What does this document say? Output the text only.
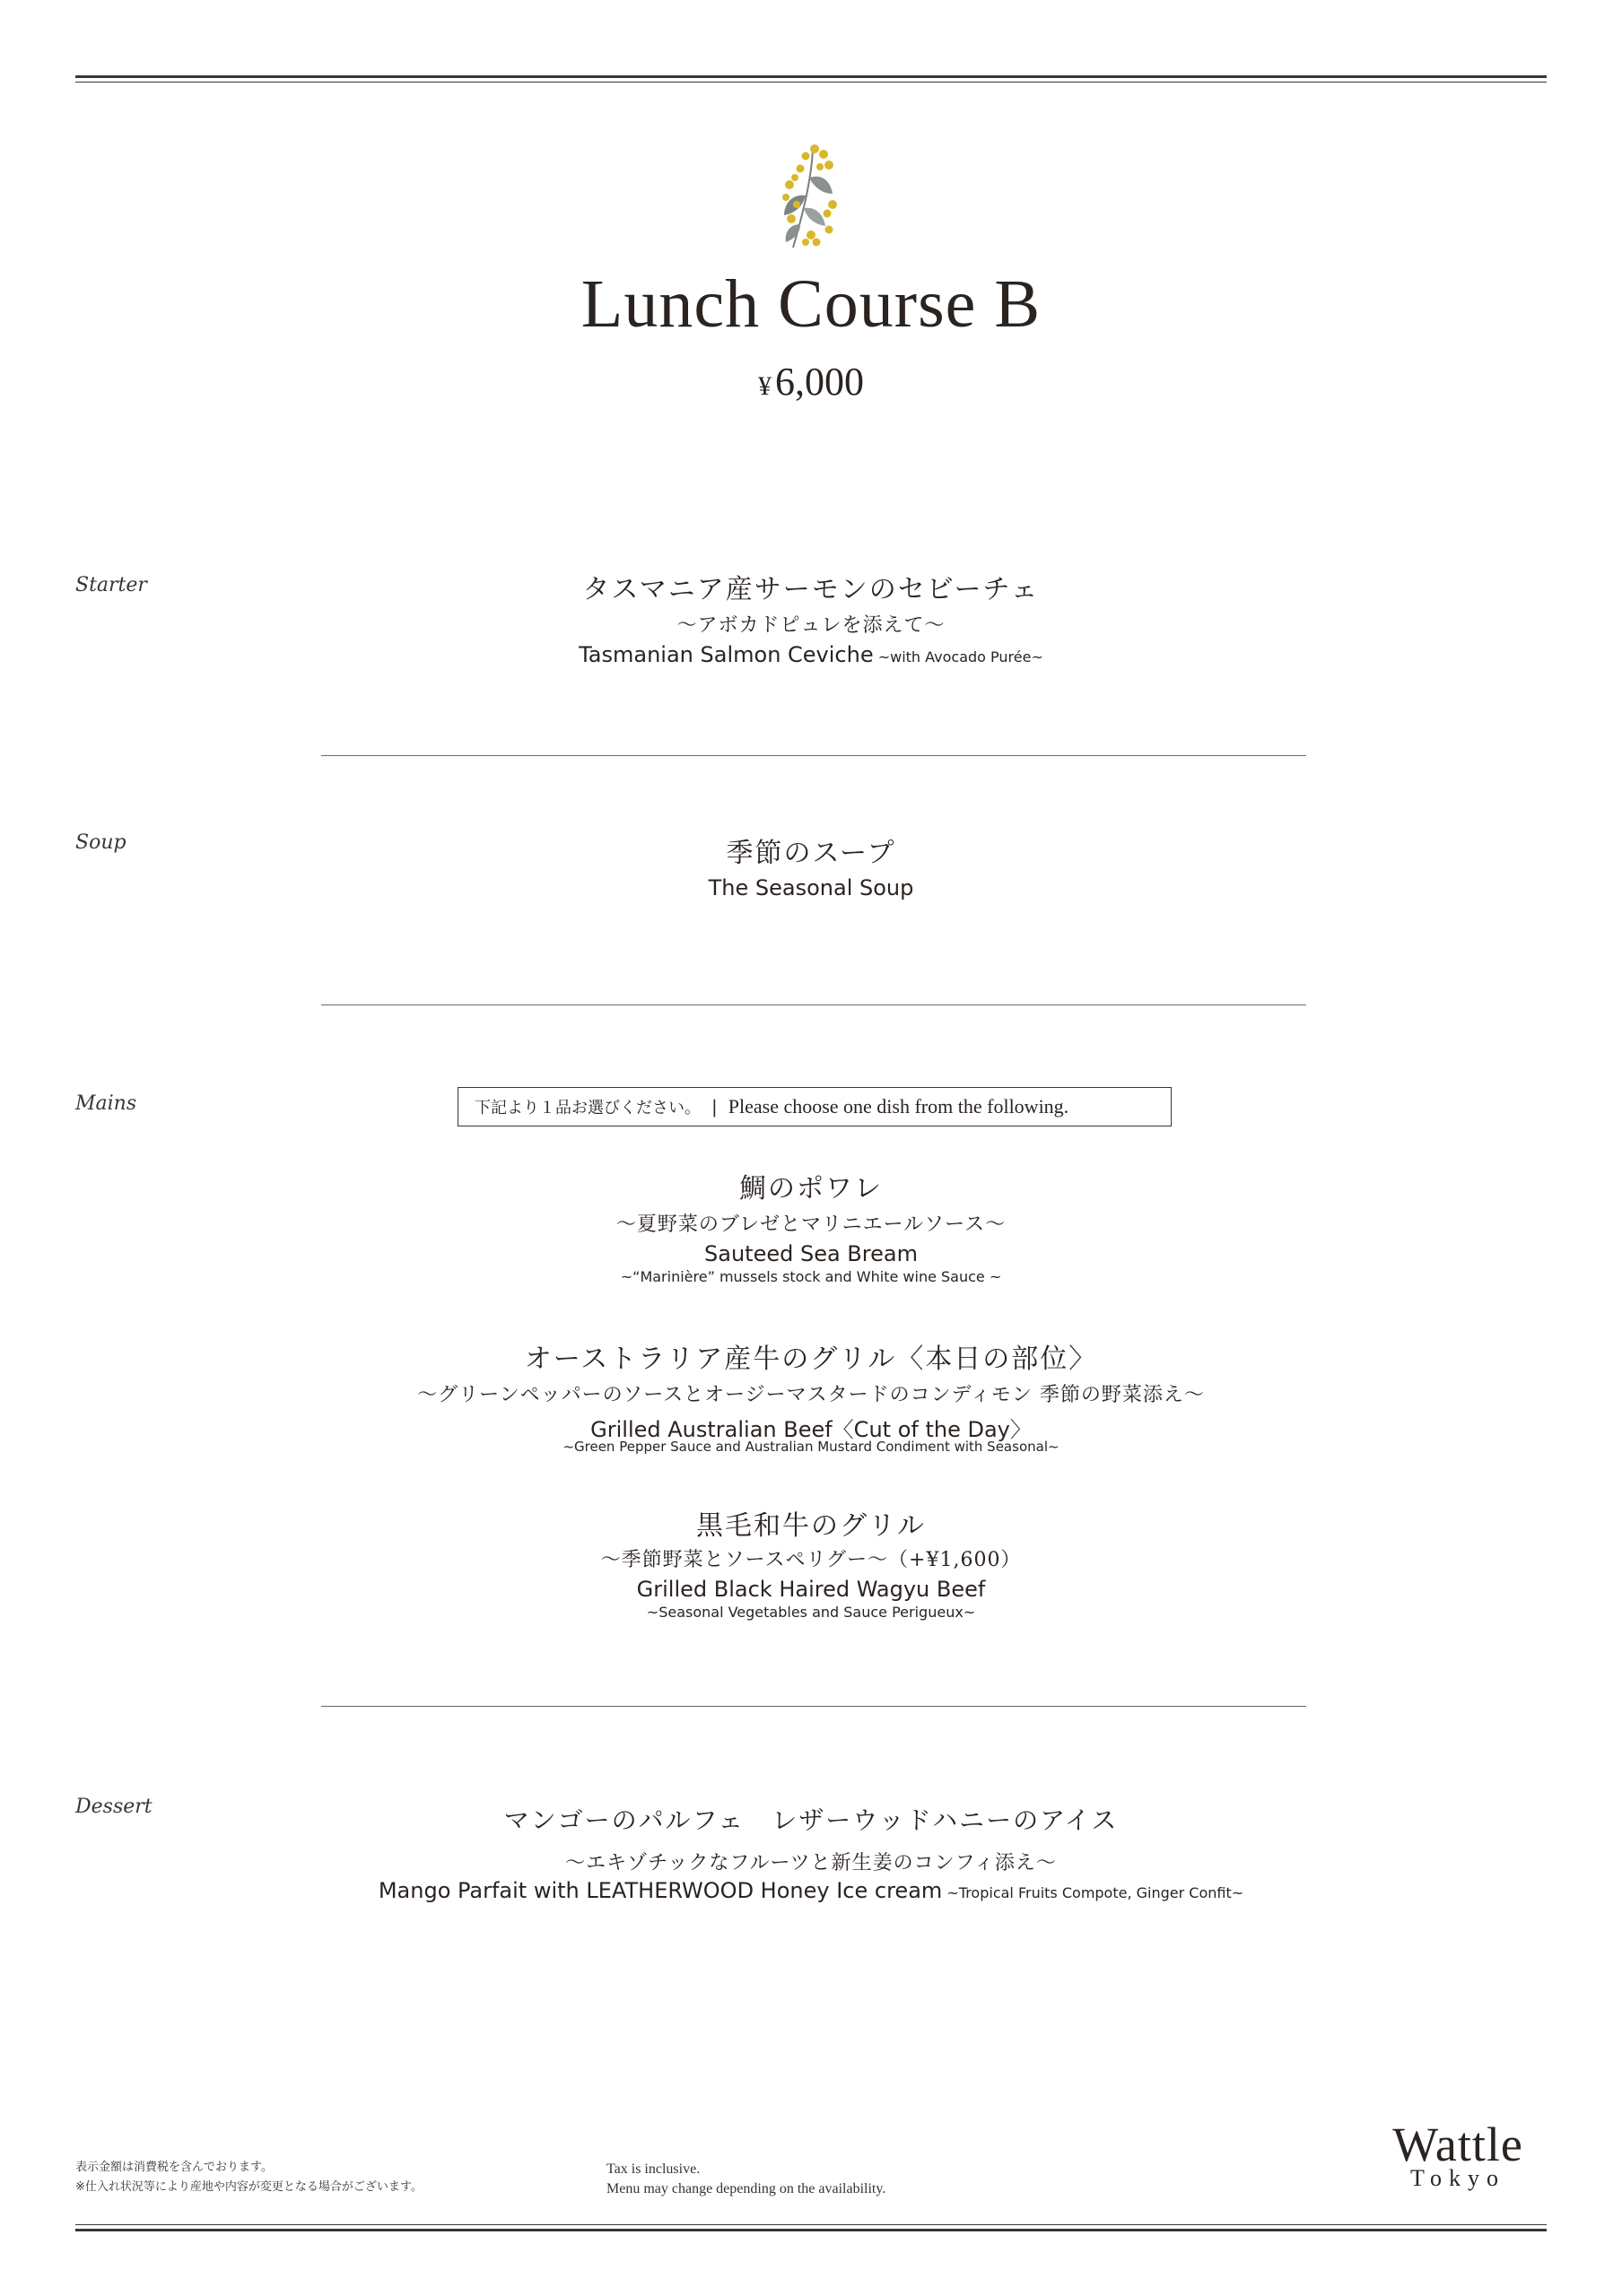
Lunch Course B
¥6,000
Starter
Soup
Mains
Dessert
タスマニア産サーモンのセビーチェ
～アボカドピュレを添えて～
Tasmanian Salmon Ceviche ~with Avocado Purée~
季節のスープ
The Seasonal Soup
下記より１品お選びください。 | Please choose one dish from the following.
鯛のポワレ
～夏野菜のブレゼとマリニエールソース～
Sauteed Sea Bream
~“Marinière” mussels stock and White wine Sauce ~
オーストラリア産牛のグリル〈本日の部位〉
～グリーンペッパーのソースとオージーマスタードのコンディモン 季節の野菜添え～
Grilled Australian Beef〈Cut of the Day〉
~Green Pepper Sauce and Australian Mustard Condiment with Seasonal~
黒毛和牛のグリル
～季節野菜とソースペリグー～（+¥1,600）
Grilled Black Haired Wagyu Beef
~Seasonal Vegetables and Sauce Perigueux~
マンゴーのパルフェ　レザーウッドハニーのアイス
～エキゾチックなフルーツと新生姜のコンフィ添え～
Mango Parfait with LEATHERWOOD Honey Ice cream ~Tropical Fruits Compote, Ginger Confit~
表示金額は消費税を含んでおります。
※仕入れ状況等により産地や内容が変更となる場合がございます。
Tax is inclusive.
Menu may change depending on the availability.
Wattle
Tokyo
